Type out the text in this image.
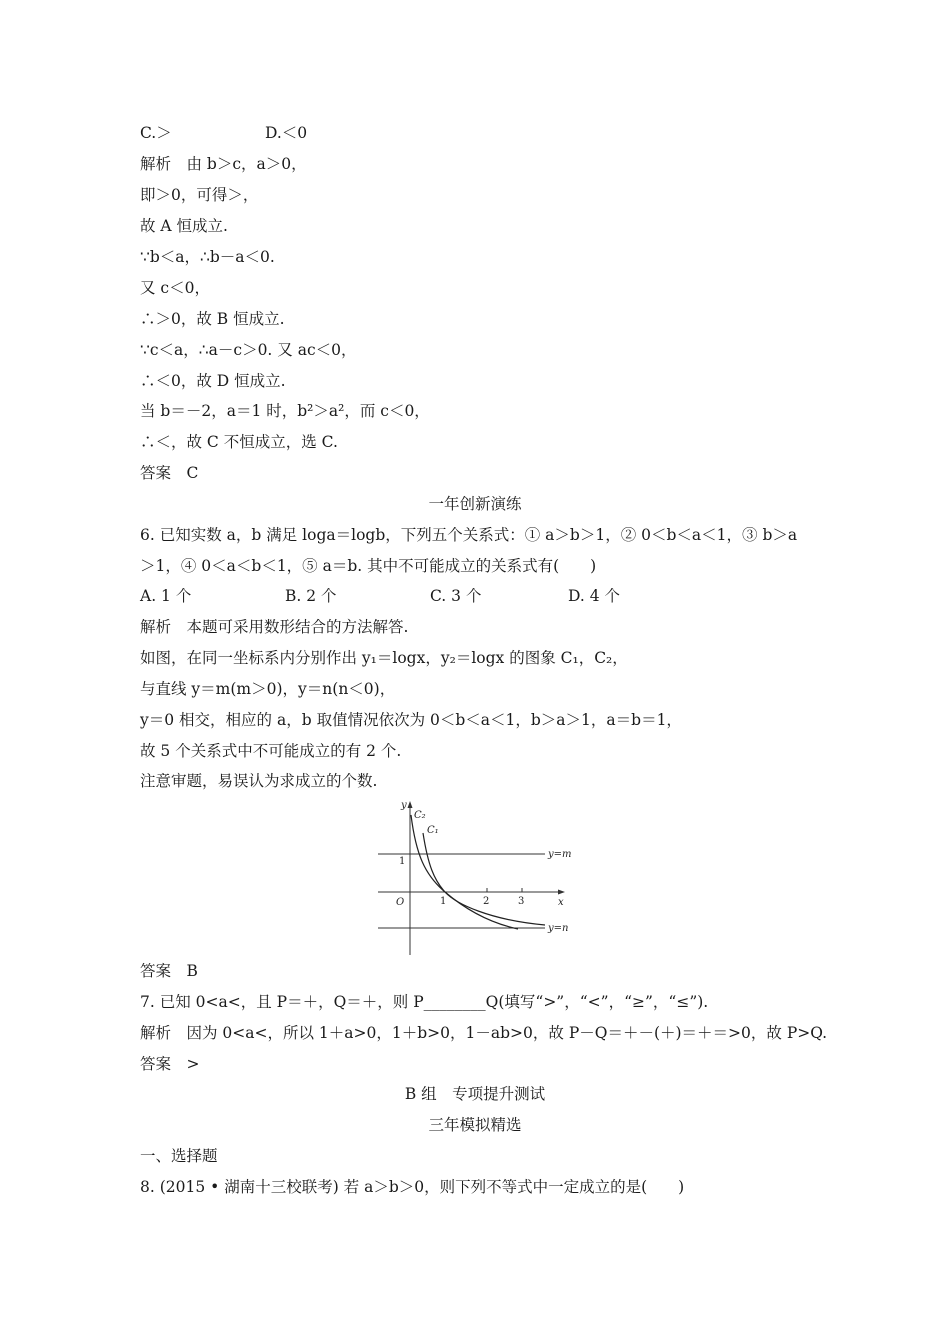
C.＞	D.＜0
解析　由 b＞c，a＞0，
即＞0，可得＞，
故 A 恒成立.
∵b＜a，∴b－a＜0.
又 c＜0，
∴＞0，故 B 恒成立.
∵c＜a，∴a－c＞0. 又 ac＜0，
∴＜0，故 D 恒成立.
当 b＝－2，a＝1 时，b²＞a²，而 c＜0，
∴＜，故 C 不恒成立，选 C.
答案　C
一年创新演练
6. 已知实数 a，b 满足 loga＝logb，下列五个关系式：① a＞b＞1，② 0＜b＜a＜1，③ b＞a
＞1，④ 0＜a＜b＜1，⑤ a＝b. 其中不可能成立的关系式有(　　)
A. 1 个	B. 2 个	C. 3 个	D. 4 个
解析　本题可采用数形结合的方法解答.
如图，在同一坐标系内分别作出 y₁＝logx，y₂＝logx 的图象 C₁，C₂，
与直线 y＝m(m＞0)，y＝n(n＜0)，
y＝0 相交，相应的 a，b 取值情况依次为 0＜b＜a＜1，b＞a＞1，a＝b＝1，
故 5 个关系式中不可能成立的有 2 个.
注意审题，易误认为求成立的个数.
y
x
O
C₂
C₁
y=m
y=n
1
1	2	3
答案　B
7. 已知 0<a<，且 P＝＋，Q＝＋，则 P________Q(填写“>”，“<”，“≥”，“≤”).
解析　因为 0<a<，所以 1＋a>0，1＋b>0，1－ab>0，故 P－Q＝＋－(＋)＝＋＝>0，故 P>Q.
答案　>
B 组　专项提升测试
三年模拟精选
一、选择题
8. (2015 • 湖南十三校联考) 若 a＞b＞0，则下列不等式中一定成立的是(　　)
